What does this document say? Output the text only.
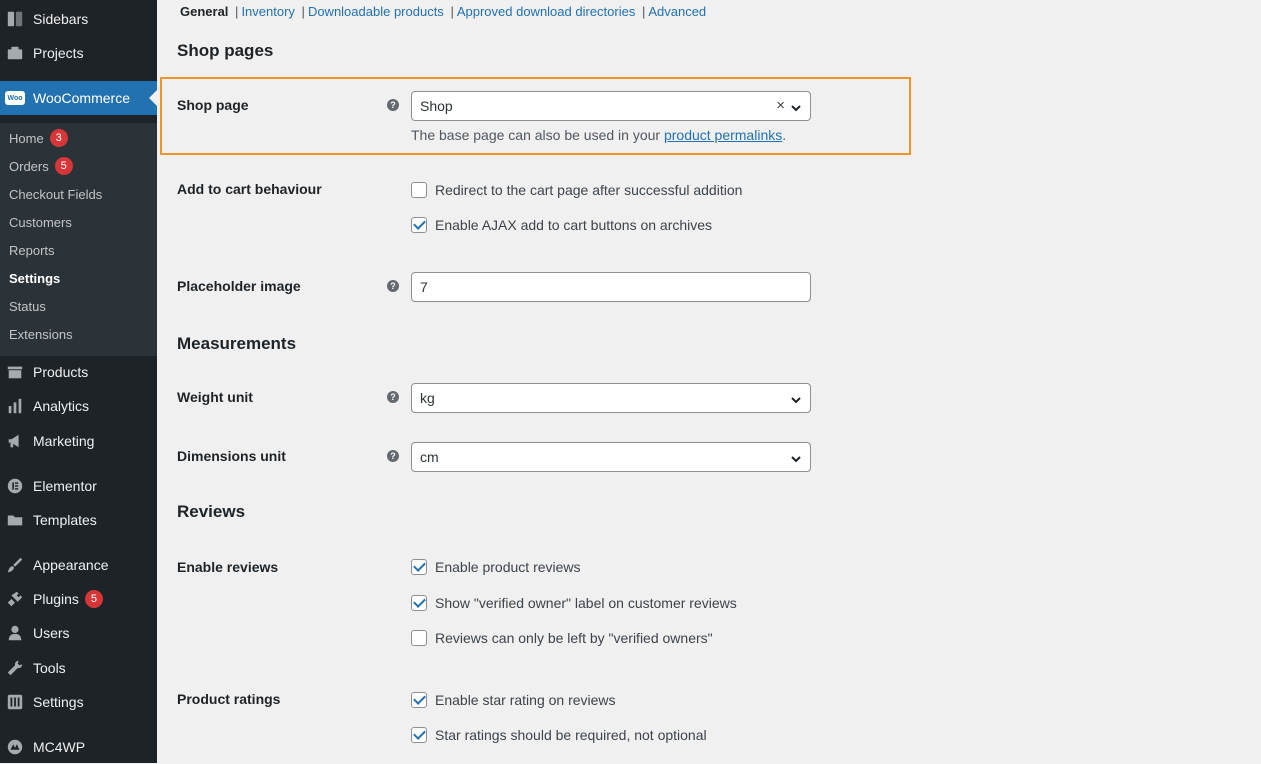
Sidebars
Projects
Woo WooCommerce
Home	3
Orders	5
Checkout Fields
Customers
Reports
Settings
Status
Extensions
Products
Analytics
Marketing
Elementor
Templates
Appearance
Plugins	5
Users
Tools
Settings
MC4WP
General | Inventory | Downloadable products | Approved download directories | Advanced
Shop pages
Shop page	? Shop	×
The base page can also be used in your product permalinks.
Add to cart behaviour	Redirect to the cart page after successful addition
Enable AJAX add to cart buttons on archives
Placeholder image	? 7
Measurements
Weight unit	? kg
Dimensions unit	? cm
Reviews
Enable reviews	Enable product reviews
Show "verified owner" label on customer reviews
Reviews can only be left by "verified owners"
Product ratings	Enable star rating on reviews
Star ratings should be required, not optional
